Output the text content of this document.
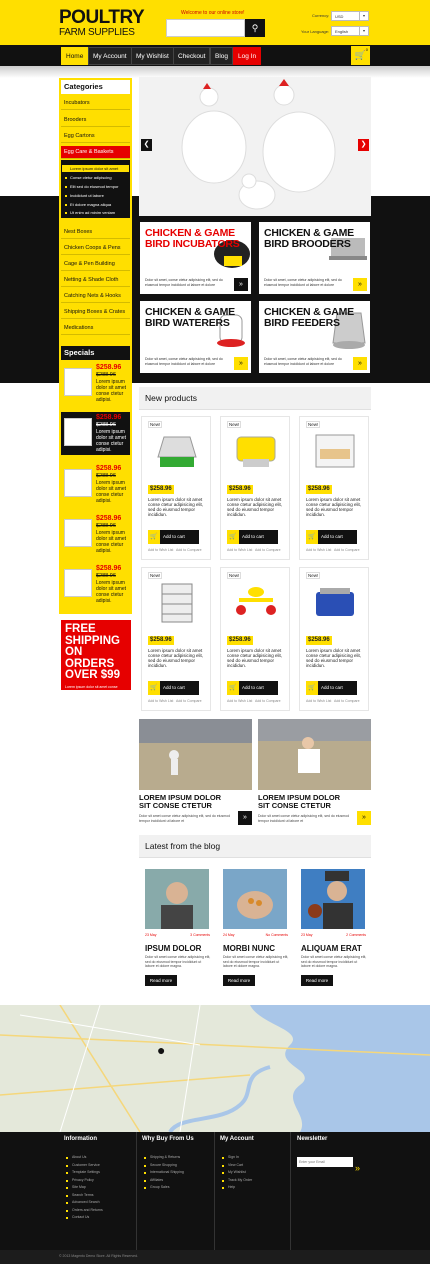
POULTRY
FARM SUPPLIES
Welcome to our online store!
⚲
Currency:	USD	▾
Your Language:	English	▾
Home	My Account	My Wishlist	Checkout	Blog	Log In	🛒
0
Categories
Incubators
Brooders
Egg Cartons
Egg Care & Baskets
Lorem ipsum dolor sit amet
Conse ctetur adipiscing
Elit sed do eiusmod tempor
Incididunt ut labore
Et dolore magna aliqua
Ut enim ad minim veniam
Nest Boxes
Chicken Coops & Pens
Cage & Pen Building
Netting & Shade Cloth
Catching Nets & Hooks
Shipping Boxes & Crates
Medications
Specials
$258.96
$288.96
Lorem ipsum dolor sit amet conse ctetur adipisi.
$258.96
$288.96
Lorem ipsum dolor sit amet conse ctetur adipisi.
$258.96
$288.96
Lorem ipsum dolor sit amet conse ctetur adipisi.
$258.96
$288.96
Lorem ipsum dolor sit amet conse ctetur adipisi.
$258.96
$288.96
Lorem ipsum dolor sit amet conse ctetur adipisi.
FREE SHIPPING ON ORDERS OVER $99
Lorem ipsum dolor sit amet conse ctetur adipisicing elit, sed do eiusmod
❮	❯
CHICKEN & GAME BIRD INCUBATORS
Dolor sit amet, conse ctetur adipisicing elit, sed do eiusmod tempor incididunt ut labore et dolore	»
CHICKEN & GAME BIRD BROODERS
Dolor sit amet, conse ctetur adipisicing elit, sed do eiusmod tempor incididunt ut labore et dolore	»
CHICKEN & GAME BIRD WATERERS
Dolor sit amet, conse ctetur adipisicing elit, sed do eiusmod tempor incididunt ut labore et dolore	»
CHICKEN & GAME BIRD FEEDERS
Dolor sit amet, conse ctetur adipisicing elit, sed do eiusmod tempor incididunt ut labore et dolore	»
New products
New!
$258.96
Lorem ipsum dolor sit amet conse ctetur adipisicing elit, sed do eiusmod tempor incididun.
🛒	Add to cart
Add to Wish List Add to Compare
New!
$258.96
Lorem ipsum dolor sit amet conse ctetur adipisicing elit, sed do eiusmod tempor incididun.
🛒	Add to cart
Add to Wish List Add to Compare
New!
$258.96
Lorem ipsum dolor sit amet conse ctetur adipisicing elit, sed do eiusmod tempor incididun.
🛒	Add to cart
Add to Wish List Add to Compare
New!
$258.96
Lorem ipsum dolor sit amet conse ctetur adipisicing elit, sed do eiusmod tempor incididun.
🛒	Add to cart
Add to Wish List Add to Compare
New!
$258.96
Lorem ipsum dolor sit amet conse ctetur adipisicing elit, sed do eiusmod tempor incididun.
🛒	Add to cart
Add to Wish List Add to Compare
New!
$258.96
Lorem ipsum dolor sit amet conse ctetur adipisicing elit, sed do eiusmod tempor incididun.
🛒	Add to cart
Add to Wish List Add to Compare
LOREM IPSUM DOLOR SIT CONSE CTETUR
Dolor sit amet conse ctetur adipisicing elit, sed do eiusmod tempor incididunt ut labore et	»
LOREM IPSUM DOLOR SIT CONSE CTETUR
Dolor sit amet conse ctetur adipisicing elit, sed do eiusmod tempor incididunt ut labore et	»
Latest from the blog
23 May	3 Comments
IPSUM DOLOR
Dolor sit amet conse ctetur adipisicing elit, sed do eiusmod tempor incididunt ut labore et dolore magna.
Read more
24 May	No Comments
MORBI NUNC
Dolor sit amet conse ctetur adipisicing elit, sed do eiusmod tempor incididunt ut labore et dolore magna.
Read more
23 May	2 Comments
ALIQUAM ERAT
Dolor sit amet conse ctetur adipisicing elit, sed do eiusmod tempor incididunt ut labore et dolore magna.
Read more
●
Information	Why Buy From Us	My Account	Newsletter
About Us
Customer Service
Template Settings
Privacy Policy
Site Map
Search Terms
Advanced Search
Orders and Returns
Contact Us
Shipping & Returns
Secure Shopping
International Shipping
Affiliates
Group Sales
Sign In
View Cart
My Wishlist
Track My Order
Help
Enter your Email
»
© 2013 Magento Demo Store. All Rights Reserved.
